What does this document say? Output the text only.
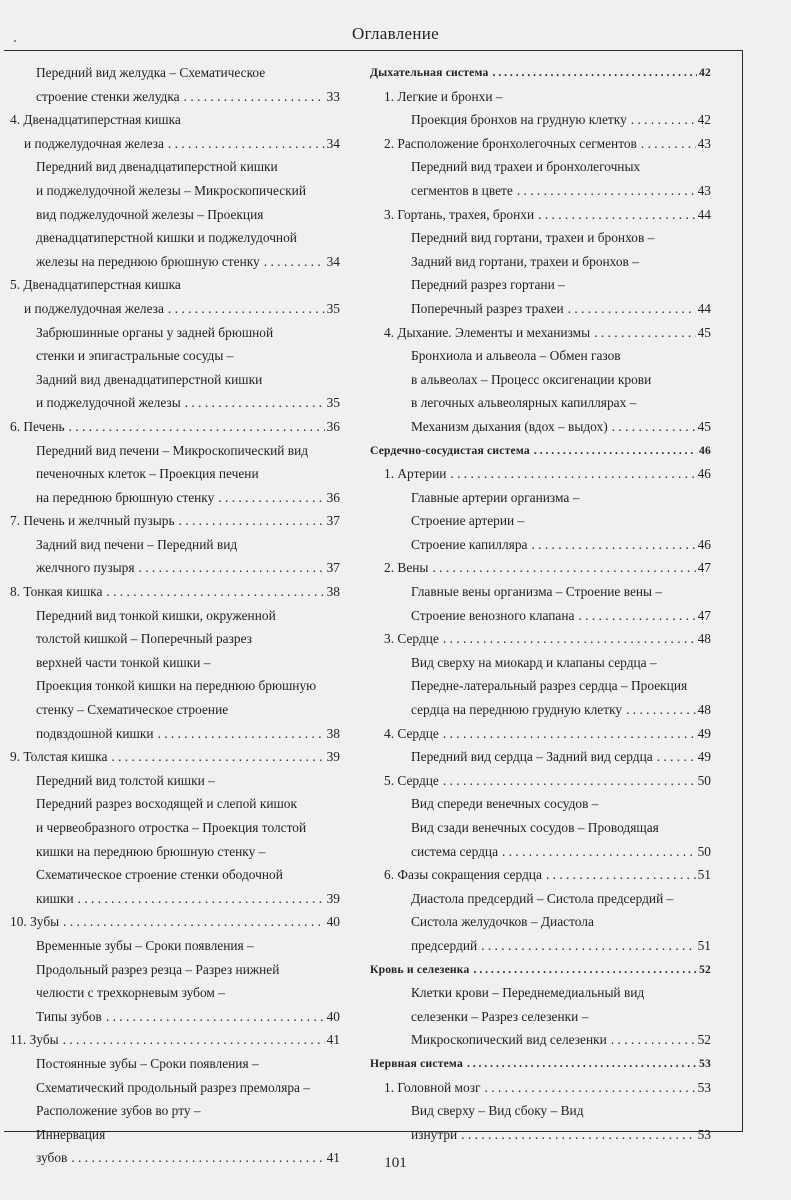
Оглавление
Передний вид желудка – Схематическое
строение стенки желудка . . .	33
4. Двенадцатиперстная кишка
и поджелудочная железа . . .	34
Передний вид двенадцатиперстной кишки
и поджелудочной железы – Микроскопический
вид поджелудочной железы – Проекция
двенадцатиперстной кишки и поджелудочной
железы на переднюю брюшную стенку . . .	34
5. Двенадцатиперстная кишка
и поджелудочная железа . . .	35
Забрюшинные органы у задней брюшной
стенки и эпигастральные сосуды –
Задний вид двенадцатиперстной кишки
и поджелудочной железы . . .	35
6. Печень . . .	36
Передний вид печени – Микроскопический вид
печеночных клеток – Проекция печени
на переднюю брюшную стенку . . .	36
7. Печень и желчный пузырь . . .	37
Задний вид печени – Передний вид
желчного пузыря . . .	37
8. Тонкая кишка . . .	38
Передний вид тонкой кишки, окруженной
толстой кишкой – Поперечный разрез
верхней части тонкой кишки –
Проекция тонкой кишки на переднюю брюшную
стенку – Схематическое строение
подвздошной кишки . . .	38
9. Толстая кишка . . .	39
Передний вид толстой кишки –
Передний разрез восходящей и слепой кишок
и червеобразного отростка – Проекция толстой
кишки на переднюю брюшную стенку –
Схематическое строение стенки ободочной
кишки . . .	39
10. Зубы . . .	40
Временные зубы – Сроки появления –
Продольный разрез резца – Разрез нижней
челюсти с трехкорневым зубом –
Типы зубов . . .	40
11. Зубы . . .	41
Постоянные зубы – Сроки появления –
Схематический продольный разрез премоляра –
Расположение зубов во рту –
Иннервация
зубов . . .	41
Дыхательная система . . .	42
1. Легкие и бронхи –
Проекция бронхов на грудную клетку . . .	42
2. Расположение бронхолегочных сегментов . . .	43
Передний вид трахеи и бронхолегочных
сегментов в цвете . . .	43
3. Гортань, трахея, бронхи . . .	44
Передний вид гортани, трахеи и бронхов –
Задний вид гортани, трахеи и бронхов –
Передний разрез гортани –
Поперечный разрез трахеи . . .	44
4. Дыхание. Элементы и механизмы . . .	45
Бронхиола и альвеола – Обмен газов
в альвеолах – Процесс оксигенации крови
в легочных альвеолярных капиллярах –
Механизм дыхания (вдох – выдох) . . .	45
Сердечно-сосудистая система . . .	46
1. Артерии . . .	46
Главные артерии организма –
Строение артерии –
Строение капилляра . . .	46
2. Вены . . .	47
Главные вены организма – Строение вены –
Строение венозного клапана . . .	47
3. Сердце . . .	48
Вид сверху на миокард и клапаны сердца –
Передне-латеральный разрез сердца – Проекция
сердца на переднюю грудную клетку . . .	48
4. Сердце . . .	49
Передний вид сердца – Задний вид сердца . . .	49
5. Сердце . . .	50
Вид спереди венечных сосудов –
Вид сзади венечных сосудов – Проводящая
система сердца . . .	50
6. Фазы сокращения сердца . . .	51
Диастола предсердий – Систола предсердий –
Систола желудочков – Диастола
предсердий . . .	51
Кровь и селезенка . . .	52
Клетки крови – Переднемедиальный вид
селезенки – Разрез селезенки –
Микроскопический вид селезенки . . .	52
Нервная система . . .	53
1. Головной мозг . . .	53
Вид сверху – Вид сбоку – Вид
изнутри . . .	53
101
